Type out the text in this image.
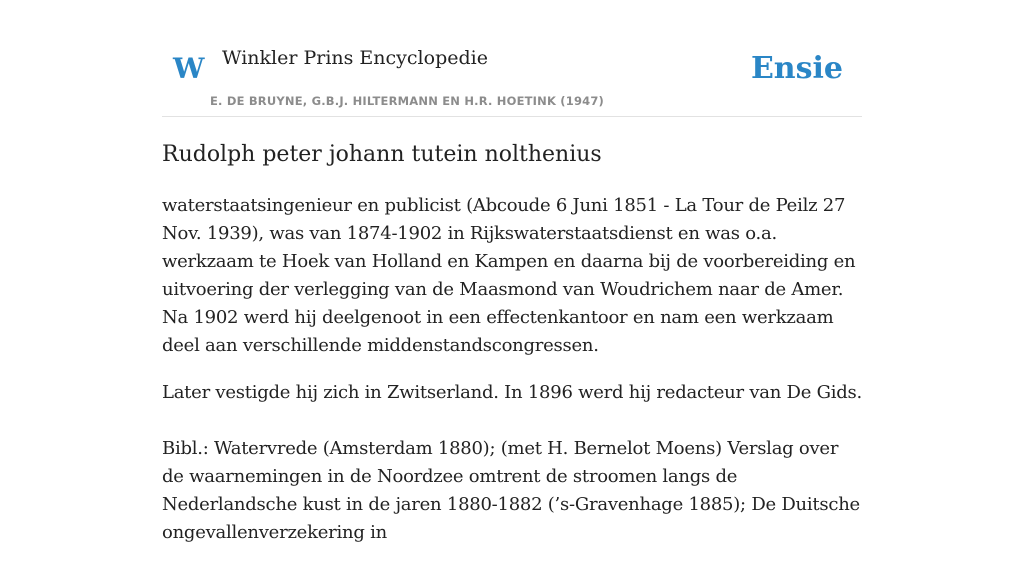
W Winkler Prins Encyclopedie
E. DE BRUYNE, G.B.J. HILTERMANN EN H.R. HOETINK (1947)
Ensie
Rudolph peter johann tutein nolthenius

waterstaatsingenieur en publicist (Abcoude 6 Juni 1851 - La Tour de Peilz 27 Nov. 1939), was van 1874-1902 in Rijkswaterstaatsdienst en was o.a. werkzaam te Hoek van Holland en Kampen en daarna bij de voorbereiding en uitvoering der verlegging van de Maasmond van Woudrichem naar de Amer. Na 1902 werd hij deelgenoot in een effectenkantoor en nam een werkzaam deel aan verschillende middenstandscongressen.

Later vestigde hij zich in Zwitserland. In 1896 werd hij redacteur van De Gids.

Bibl.: Watervrede (Amsterdam 1880); (met H. Bernelot Moens) Verslag over de waarnemingen in de Noordzee omtrent de stroomen langs de Nederlandsche kust in de jaren 1880-1882 (’s-Gravenhage 1885); De Duitsche ongevallenverzekering in
